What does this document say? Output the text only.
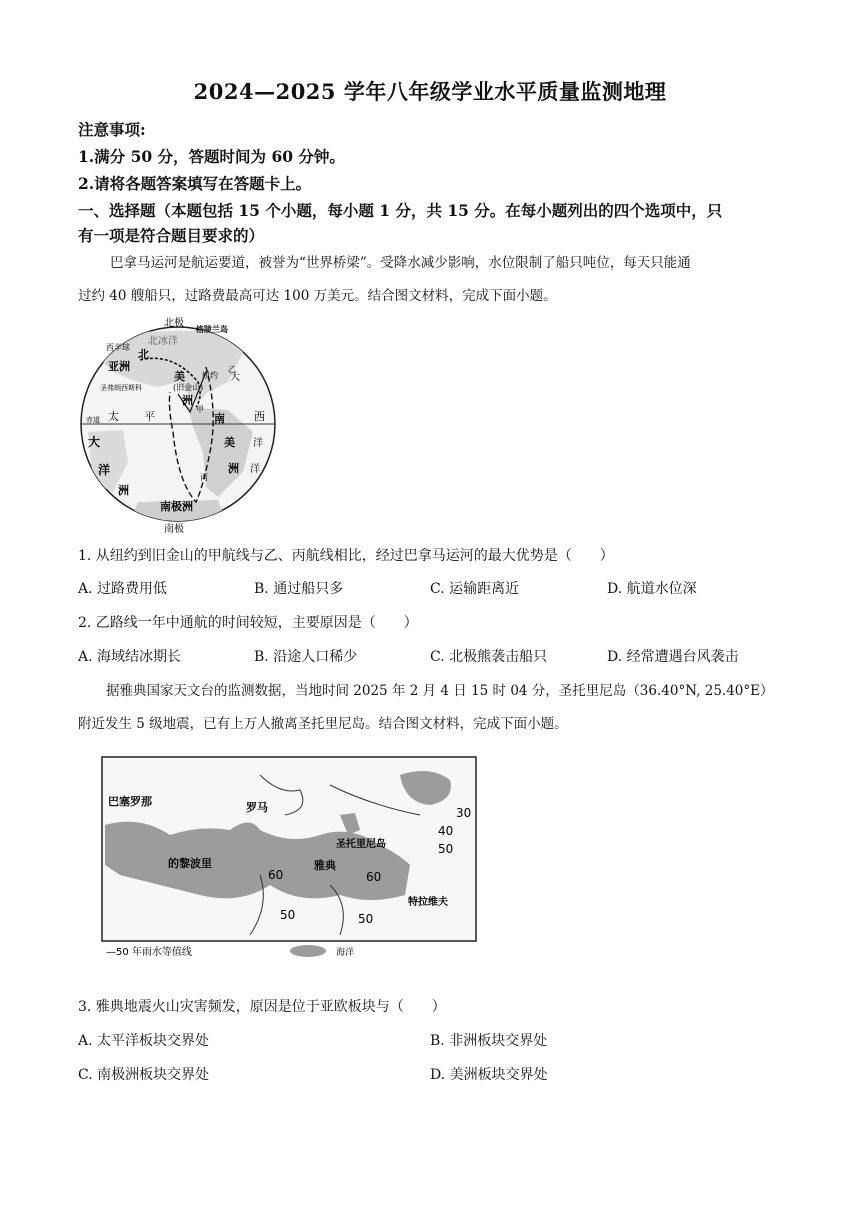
2024—2025 学年八年级学业水平质量监测地理
注意事项:
1.满分 50 分，答题时间为 60 分钟。
2.请将各题答案填写在答题卡上。
一、选择题（本题包括 15 个小题，每小题 1 分，共 15 分。在每小题列出的四个选项中，只
有一项是符合题目要求的）
巴拿马运河是航运要道，被誉为“世界桥梁”。受降水减少影响，水位限制了船只吨位，每天只能通
过约 40 艘船只，过路费最高可达 100 万美元。结合图文材料，完成下面小题。
北极
格陵兰岛
西半球
北冰洋
北
亚洲	乙
美 纽约
(旧金山)
圣弗朗西斯科
洲
大
甲
赤道 太 平	南	西
美
洲
大
洋
洲
洋
洋
丙
南极洲
南极
1. 从纽约到旧金山的甲航线与乙、丙航线相比，经过巴拿马运河的最大优势是（　　）
A. 过路费用低	B. 通过船只多	C. 运输距离近	D. 航道水位深
2. 乙路线一年中通航的时间较短，主要原因是（　　）
A. 海域结冰期长	B. 沿途人口稀少	C. 北极熊袭击船只	D. 经常遭遇台风袭击
据雅典国家天文台的监测数据，当地时间 2025 年 2 月 4 日 15 时 04 分，圣托里尼岛（36.40°N, 25.40°E）
附近发生 5 级地震，已有上万人撤离圣托里尼岛。结合图文材料，完成下面小题。
巴塞罗那	罗马
圣托里尼岛
的黎波里	雅典
特拉维夫
30
40
50
60	60
50	50
—50 年雨水等值线	海洋
3. 雅典地震火山灾害频发，原因是位于亚欧板块与（　　）
A. 太平洋板块交界处	B. 非洲板块交界处
C. 南极洲板块交界处	D. 美洲板块交界处
